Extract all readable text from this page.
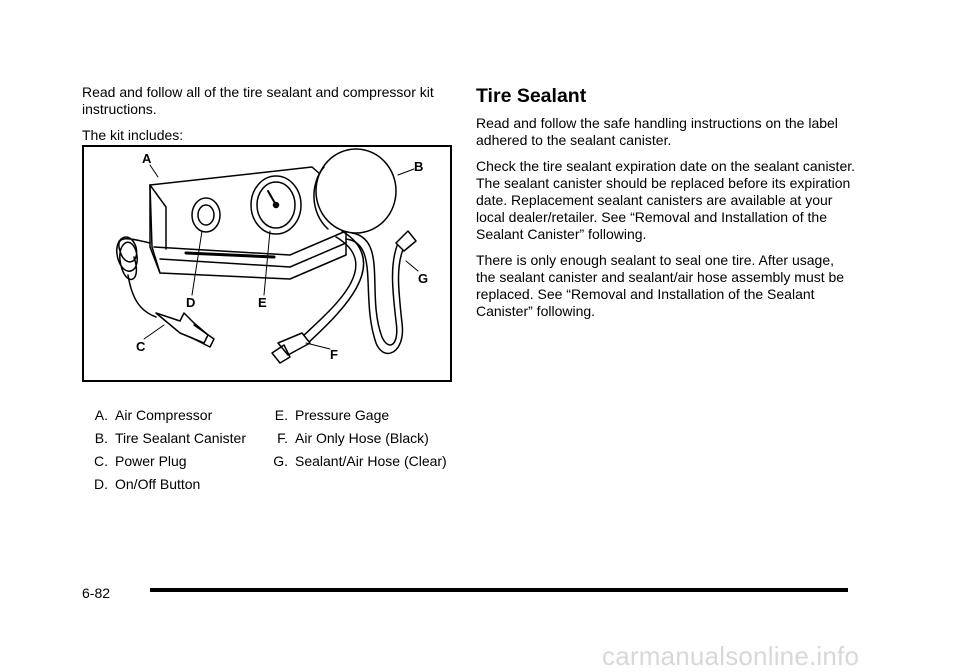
Read and follow all of the tire sealant and compressor kit instructions.

The kit includes:

A
B
C
D	E
F
G
A. Air Compressor
B. Tire Sealant Canister
C. Power Plug
D. On/Off Button
E. Pressure Gage
F. Air Only Hose (Black)
G. Sealant/Air Hose (Clear)
Tire Sealant

Read and follow the safe handling instructions on the label adhered to the sealant canister.

Check the tire sealant expiration date on the sealant canister. The sealant canister should be replaced before its expiration date. Replacement sealant canisters are available at your local dealer/retailer. See “Removal and Installation of the Sealant Canister” following.

There is only enough sealant to seal one tire. After usage, the sealant canister and sealant/air hose assembly must be replaced. See “Removal and Installation of the Sealant Canister” following.

6-82
carmanualsonline.info
